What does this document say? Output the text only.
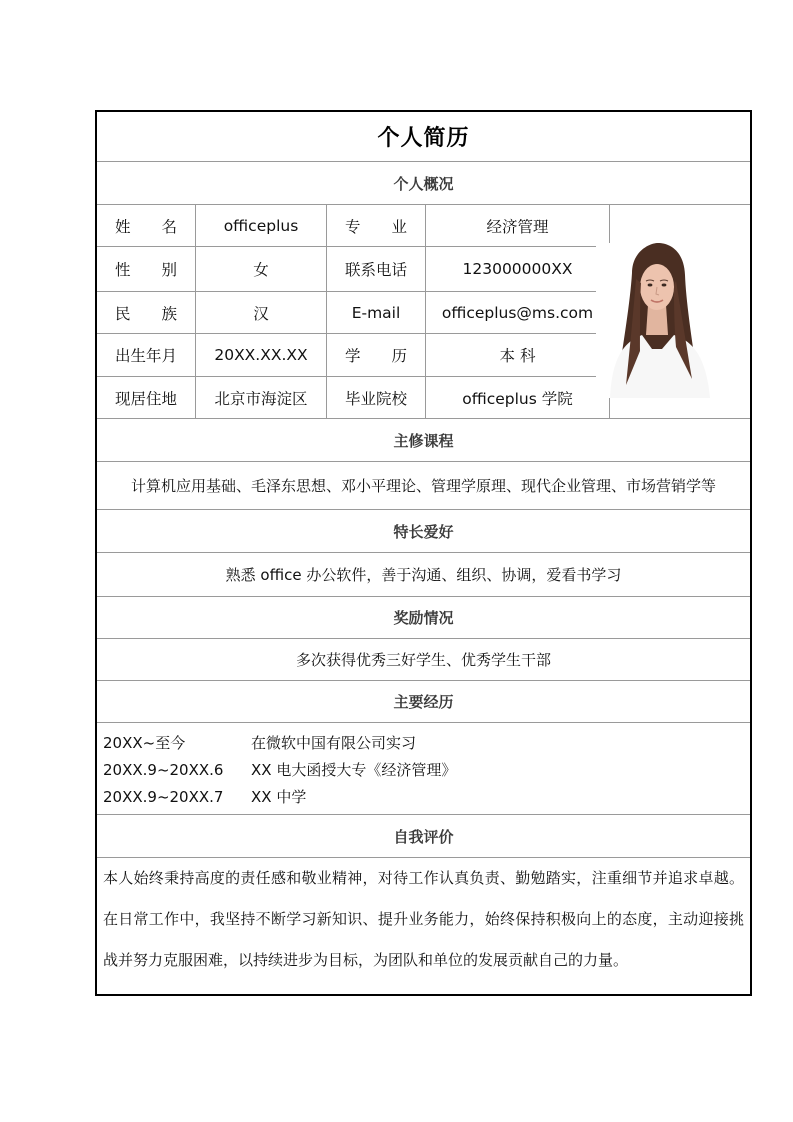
个人简历
个人概况
姓　　名	officeplus	专　　业	经济管理
性　　别	女	联系电话	123000000XX
民　　族	汉	E-mail	officeplus@ms.com
出生年月	20XX.XX.XX	学　　历	本 科
现居住地	北京市海淀区	毕业院校	officeplus 学院
主修课程
计算机应用基础、毛泽东思想、邓小平理论、管理学原理、现代企业管理、市场营销学等
特长爱好
熟悉 office 办公软件，善于沟通、组织、协调，爱看书学习
奖励情况
多次获得优秀三好学生、优秀学生干部
主要经历
20XX~至今	在微软中国有限公司实习
20XX.9~20XX.6 XX 电大函授大专《经济管理》
20XX.9~20XX.7 XX 中学
自我评价
本人始终秉持高度的责任感和敬业精神，对待工作认真负责、勤勉踏实，注重细节并追求卓越。在日常工作中，我坚持不断学习新知识、提升业务能力，始终保持积极向上的态度，主动迎接挑战并努力克服困难，以持续进步为目标，为团队和单位的发展贡献自己的力量。
